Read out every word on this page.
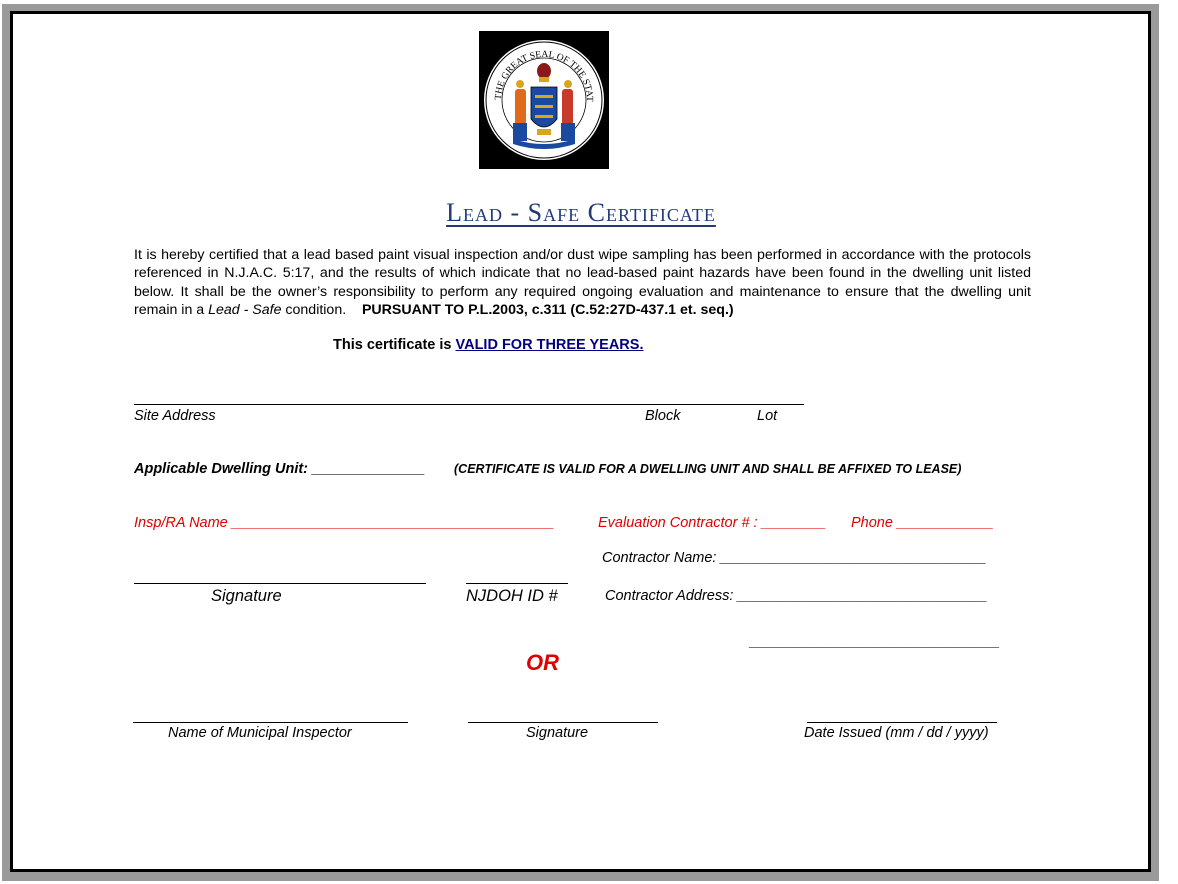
THE GREAT SEAL OF THE STAT
Lead - Safe Certificate
It is hereby certified that a lead based paint visual inspection and/or dust wipe sampling has been performed in accordance with the protocols referenced in N.J.A.C. 5:17, and the results of which indicate that no lead-based paint hazards have been found in the dwelling unit listed below. It shall be the owner’s responsibility to perform any required ongoing evaluation and maintenance to ensure that the dwelling unit remain in a Lead - Safe condition. PURSUANT TO P.L.2003, c.311 (C.52:27D-437.1 et. seq.)
This certificate is VALID FOR THREE YEARS.
Site Address	Block	Lot
Applicable Dwelling Unit: ______________ (CERTIFICATE IS VALID FOR A DWELLING UNIT AND SHALL BE AFFIXED TO LEASE)
Insp/RA Name ________________________________________	Evaluation Contractor # : ________ Phone ____________
Contractor Name: _________________________________
Signature	NJDOH ID #	Contractor Address: _______________________________
_______________________________
OR
Name of Municipal Inspector	Signature	Date Issued (mm / dd / yyyy)
